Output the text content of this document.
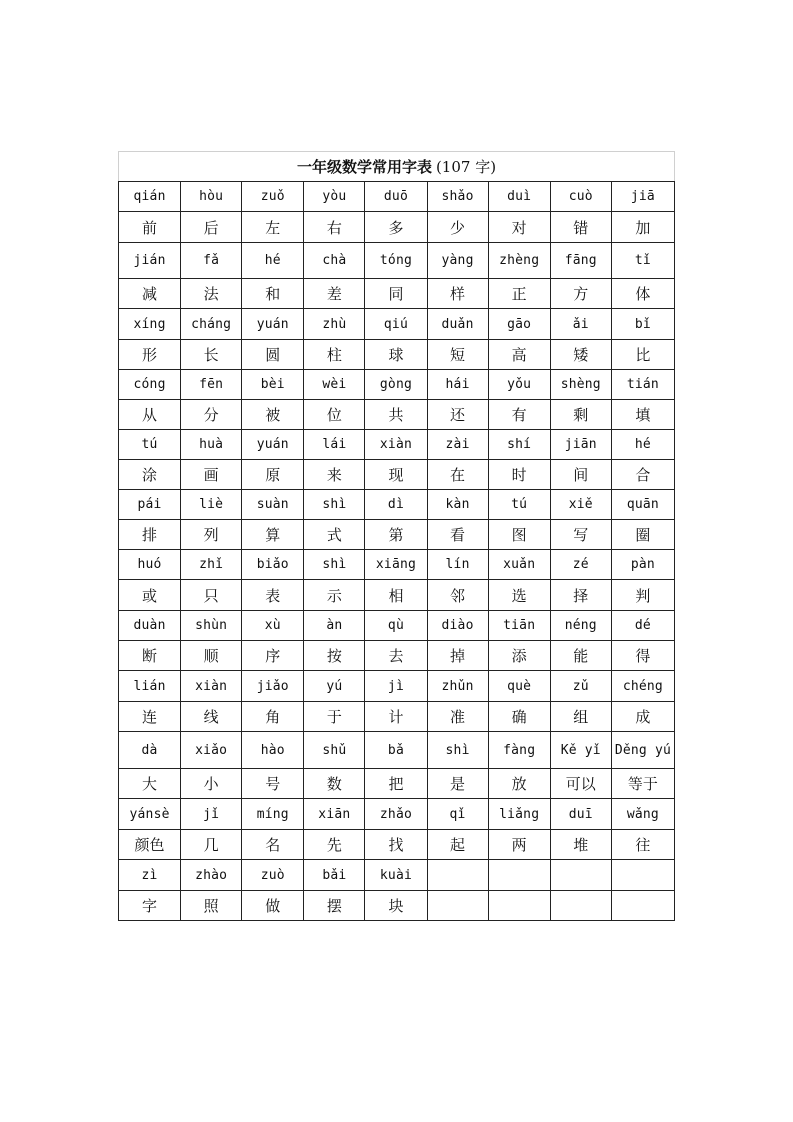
一年级数学常用字表 (107 字)								
qián	hòu	zuǒ	yòu	duō	shǎo	duì	cuò	jiā
前	后	左	右	多	少	对	错	加
jián	fǎ	hé	chà	tóng	yàng	zhèng	fāng	tǐ
减	法	和	差	同	样	正	方	体
xíng	cháng	yuán	zhù	qiú	duǎn	gāo	ǎi	bǐ
形	长	圆	柱	球	短	高	矮	比
cóng	fēn	bèi	wèi	gòng	hái	yǒu	shèng	tián
从	分	被	位	共	还	有	剩	填
tú	huà	yuán	lái	xiàn	zài	shí	jiān	hé
涂	画	原	来	现	在	时	间	合
pái	liè	suàn	shì	dì	kàn	tú	xiě	quān
排	列	算	式	第	看	图	写	圈
huó	zhǐ	biǎo	shì	xiāng	lín	xuǎn	zé	pàn
或	只	表	示	相	邻	选	择	判
duàn	shùn	xù	àn	qù	diào	tiān	néng	dé
断	顺	序	按	去	掉	添	能	得
lián	xiàn	jiǎo	yú	jì	zhǔn	què	zǔ	chéng
连	线	角	于	计	准	确	组	成
dà	xiǎo	hào	shǔ	bǎ	shì	fàng	Kě yǐ	Děng yú
大	小	号	数	把	是	放	可以	等于
yánsè	jǐ	míng	xiān	zhǎo	qǐ	liǎng	duī	wǎng
颜色	几	名	先	找	起	两	堆	往
zì	zhào	zuò	bǎi	kuài				
字	照	做	摆	块				
